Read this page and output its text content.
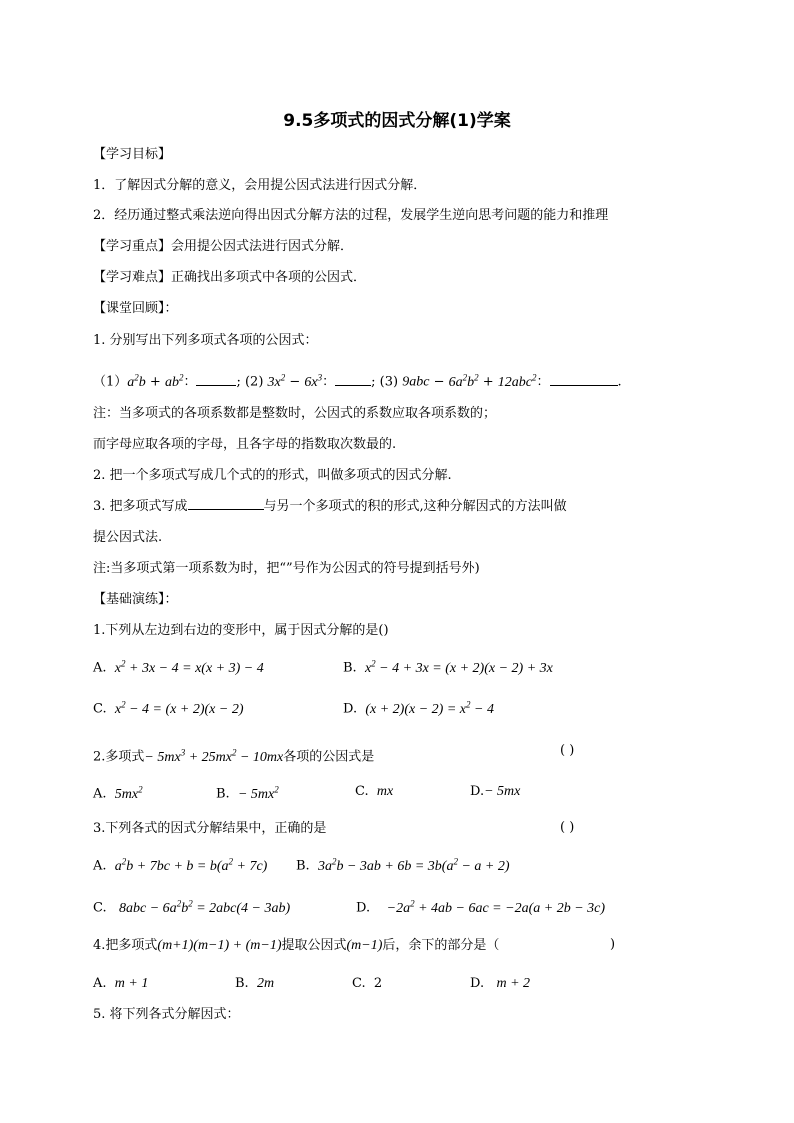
9.5多项式的因式分解(1)学案
【学习目标】
1．了解因式分解的意义，会用提公因式法进行因式分解．
2．经历通过整式乘法逆向得出因式分解方法的过程，发展学生逆向思考问题的能力和推理
【学习重点】会用提公因式法进行因式分解．
【学习难点】正确找出多项式中各项的公因式．
【课堂回顾】：
1. 分别写出下列多项式各项的公因式：
$(1)a^2b + ab^2$：	; (2) $3x^2 - 6x^3$：	; (3) $9abc - 6a^2b^2 + 12abc^2$：	.
注：当多项式的各项系数都是整数时，公因式的系数应取各项系数的；
而字母应取各项的字母，且各字母的指数取次数最的.
2. 把一个多项式写成几个式的的形式，叫做多项式的因式分解.
3. 把多项式写成	与另一个多项式的积的形式,这种分解因式的方法叫做
提公因式法.
注:当多项式第一项系数为时，把“”号作为公因式的符号提到括号外)
【基础演练】：
1.下列从左边到右边的变形中，属于因式分解的是()
A.  $x^2 + 3x - 4 = x(x + 3) - 4$	B.  $x^2 - 4 + 3x = (x + 2)(x - 2) + 3x$
C.  $x^2 - 4 = (x + 2)(x - 2)$	D.  $(x + 2)(x - 2) = x^2 - 4$
2.多项式− $5mx^3 + 25mx^2 - 10mx$各项的公因式是	( )
A.  $5mx^2$	B.  − $5mx^2$	C.  mx	D.− 5mx
3.下列各式的因式分解结果中，正确的是	( )
A.  $a^2b + 7bc + b = b(a^2 + 7c)$ B.  $3a^2b - 3ab + 6b = 3b(a^2 - a + 2)$
C.   $8abc - 6a^2b^2 = 2abc(4 - 3ab)$	D.    $-2a^2 + 4ab - 6ac = -2a(a + 2b - 3c)$
4.把多项式(m+1)(m−1) + (m−1)提取公因式(m−1)后，余下的部分是（	)
A.  m + 1	B.  2m	C.  2	D.   m + 2
5. 将下列各式分解因式：
